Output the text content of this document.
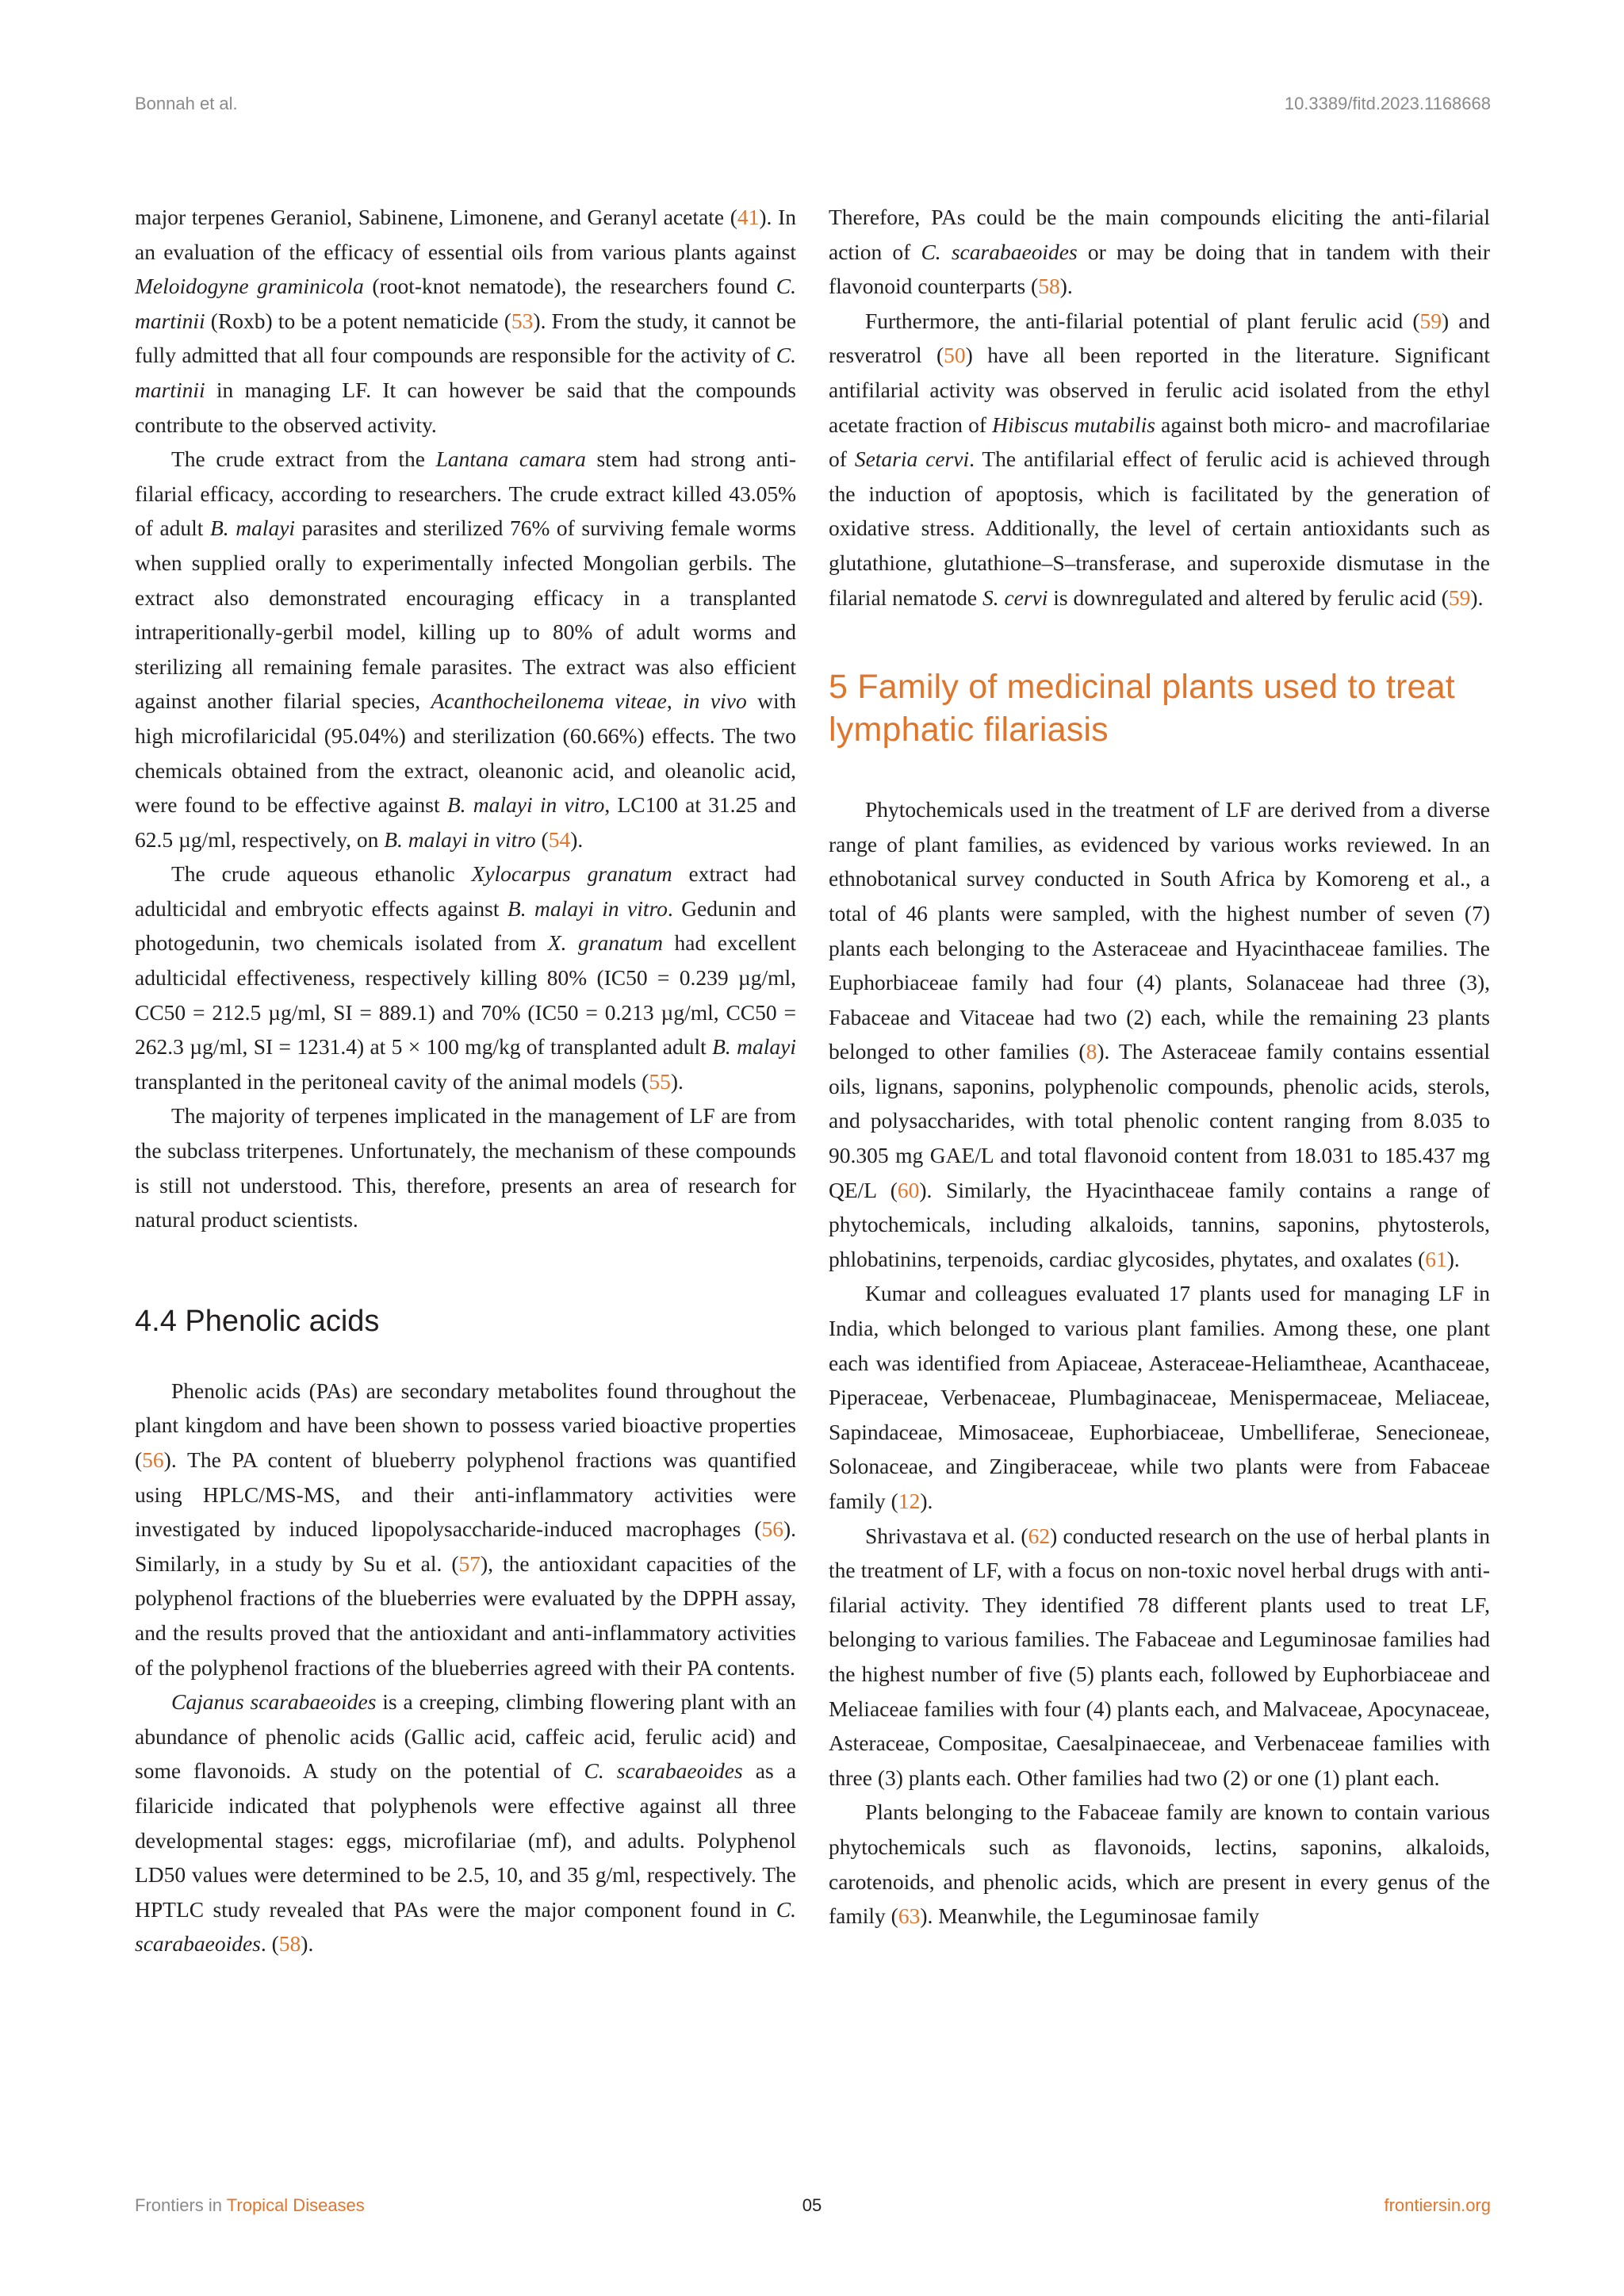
Bonnah et al.	10.3389/fitd.2023.1168668

major terpenes Geraniol, Sabinene, Limonene, and Geranyl acetate (41). In an evaluation of the efficacy of essential oils from various plants against Meloidogyne graminicola (root-knot nematode), the researchers found C. martinii (Roxb) to be a potent nematicide (53). From the study, it cannot be fully admitted that all four compounds are responsible for the activity of C. martinii in managing LF. It can however be said that the compounds contribute to the observed activity.

The crude extract from the Lantana camara stem had strong anti-filarial efficacy, according to researchers. The crude extract killed 43.05% of adult B. malayi parasites and sterilized 76% of surviving female worms when supplied orally to experimentally infected Mongolian gerbils. The extract also demonstrated encouraging efficacy in a transplanted intraperitionally-gerbil model, killing up to 80% of adult worms and sterilizing all remaining female parasites. The extract was also efficient against another filarial species, Acanthocheilonema viteae, in vivo with high microfilaricidal (95.04%) and sterilization (60.66%) effects. The two chemicals obtained from the extract, oleanonic acid, and oleanolic acid, were found to be effective against B. malayi in vitro, LC100 at 31.25 and 62.5 µg/ml, respectively, on B. malayi in vitro (54).

The crude aqueous ethanolic Xylocarpus granatum extract had adulticidal and embryotic effects against B. malayi in vitro. Gedunin and photogedunin, two chemicals isolated from X. granatum had excellent adulticidal effectiveness, respectively killing 80% (IC50 = 0.239 µg/ml, CC50 = 212.5 µg/ml, SI = 889.1) and 70% (IC50 = 0.213 µg/ml, CC50 = 262.3 µg/ml, SI = 1231.4) at 5 × 100 mg/kg of transplanted adult B. malayi transplanted in the peritoneal cavity of the animal models (55).

The majority of terpenes implicated in the management of LF are from the subclass triterpenes. Unfortunately, the mechanism of these compounds is still not understood. This, therefore, presents an area of research for natural product scientists.

4.4 Phenolic acids

Phenolic acids (PAs) are secondary metabolites found throughout the plant kingdom and have been shown to possess varied bioactive properties (56). The PA content of blueberry polyphenol fractions was quantified using HPLC/MS-MS, and their anti-inflammatory activities were investigated by induced lipopolysaccharide-induced macrophages (56). Similarly, in a study by Su et al. (57), the antioxidant capacities of the polyphenol fractions of the blueberries were evaluated by the DPPH assay, and the results proved that the antioxidant and anti-inflammatory activities of the polyphenol fractions of the blueberries agreed with their PA contents.

Cajanus scarabaeoides is a creeping, climbing flowering plant with an abundance of phenolic acids (Gallic acid, caffeic acid, ferulic acid) and some flavonoids. A study on the potential of C. scarabaeoides as a filaricide indicated that polyphenols were effective against all three developmental stages: eggs, microfilariae (mf), and adults. Polyphenol LD50 values were determined to be 2.5, 10, and 35 g/ml, respectively. The HPTLC study revealed that PAs were the major component found in C. scarabaeoides. (58).

Therefore, PAs could be the main compounds eliciting the anti-filarial action of C. scarabaeoides or may be doing that in tandem with their flavonoid counterparts (58).

Furthermore, the anti-filarial potential of plant ferulic acid (59) and resveratrol (50) have all been reported in the literature. Significant antifilarial activity was observed in ferulic acid isolated from the ethyl acetate fraction of Hibiscus mutabilis against both micro- and macrofilariae of Setaria cervi. The antifilarial effect of ferulic acid is achieved through the induction of apoptosis, which is facilitated by the generation of oxidative stress. Additionally, the level of certain antioxidants such as glutathione, glutathione–S–transferase, and superoxide dismutase in the filarial nematode S. cervi is downregulated and altered by ferulic acid (59).

5 Family of medicinal plants used to treat lymphatic filariasis

Phytochemicals used in the treatment of LF are derived from a diverse range of plant families, as evidenced by various works reviewed. In an ethnobotanical survey conducted in South Africa by Komoreng et al., a total of 46 plants were sampled, with the highest number of seven (7) plants each belonging to the Asteraceae and Hyacinthaceae families. The Euphorbiaceae family had four (4) plants, Solanaceae had three (3), Fabaceae and Vitaceae had two (2) each, while the remaining 23 plants belonged to other families (8). The Asteraceae family contains essential oils, lignans, saponins, polyphenolic compounds, phenolic acids, sterols, and polysaccharides, with total phenolic content ranging from 8.035 to 90.305 mg GAE/L and total flavonoid content from 18.031 to 185.437 mg QE/L (60). Similarly, the Hyacinthaceae family contains a range of phytochemicals, including alkaloids, tannins, saponins, phytosterols, phlobatinins, terpenoids, cardiac glycosides, phytates, and oxalates (61).

Kumar and colleagues evaluated 17 plants used for managing LF in India, which belonged to various plant families. Among these, one plant each was identified from Apiaceae, Asteraceae-Heliamtheae, Acanthaceae, Piperaceae, Verbenaceae, Plumbaginaceae, Menispermaceae, Meliaceae, Sapindaceae, Mimosaceae, Euphorbiaceae, Umbelliferae, Senecioneae, Solonaceae, and Zingiberaceae, while two plants were from Fabaceae family (12).

Shrivastava et al. (62) conducted research on the use of herbal plants in the treatment of LF, with a focus on non-toxic novel herbal drugs with anti-filarial activity. They identified 78 different plants used to treat LF, belonging to various families. The Fabaceae and Leguminosae families had the highest number of five (5) plants each, followed by Euphorbiaceae and Meliaceae families with four (4) plants each, and Malvaceae, Apocynaceae, Asteraceae, Compositae, Caesalpinaeceae, and Verbenaceae families with three (3) plants each. Other families had two (2) or one (1) plant each.

Plants belonging to the Fabaceae family are known to contain various phytochemicals such as flavonoids, lectins, saponins, alkaloids, carotenoids, and phenolic acids, which are present in every genus of the family (63). Meanwhile, the Leguminosae family

Frontiers in Tropical Diseases	05	frontiersin.org
